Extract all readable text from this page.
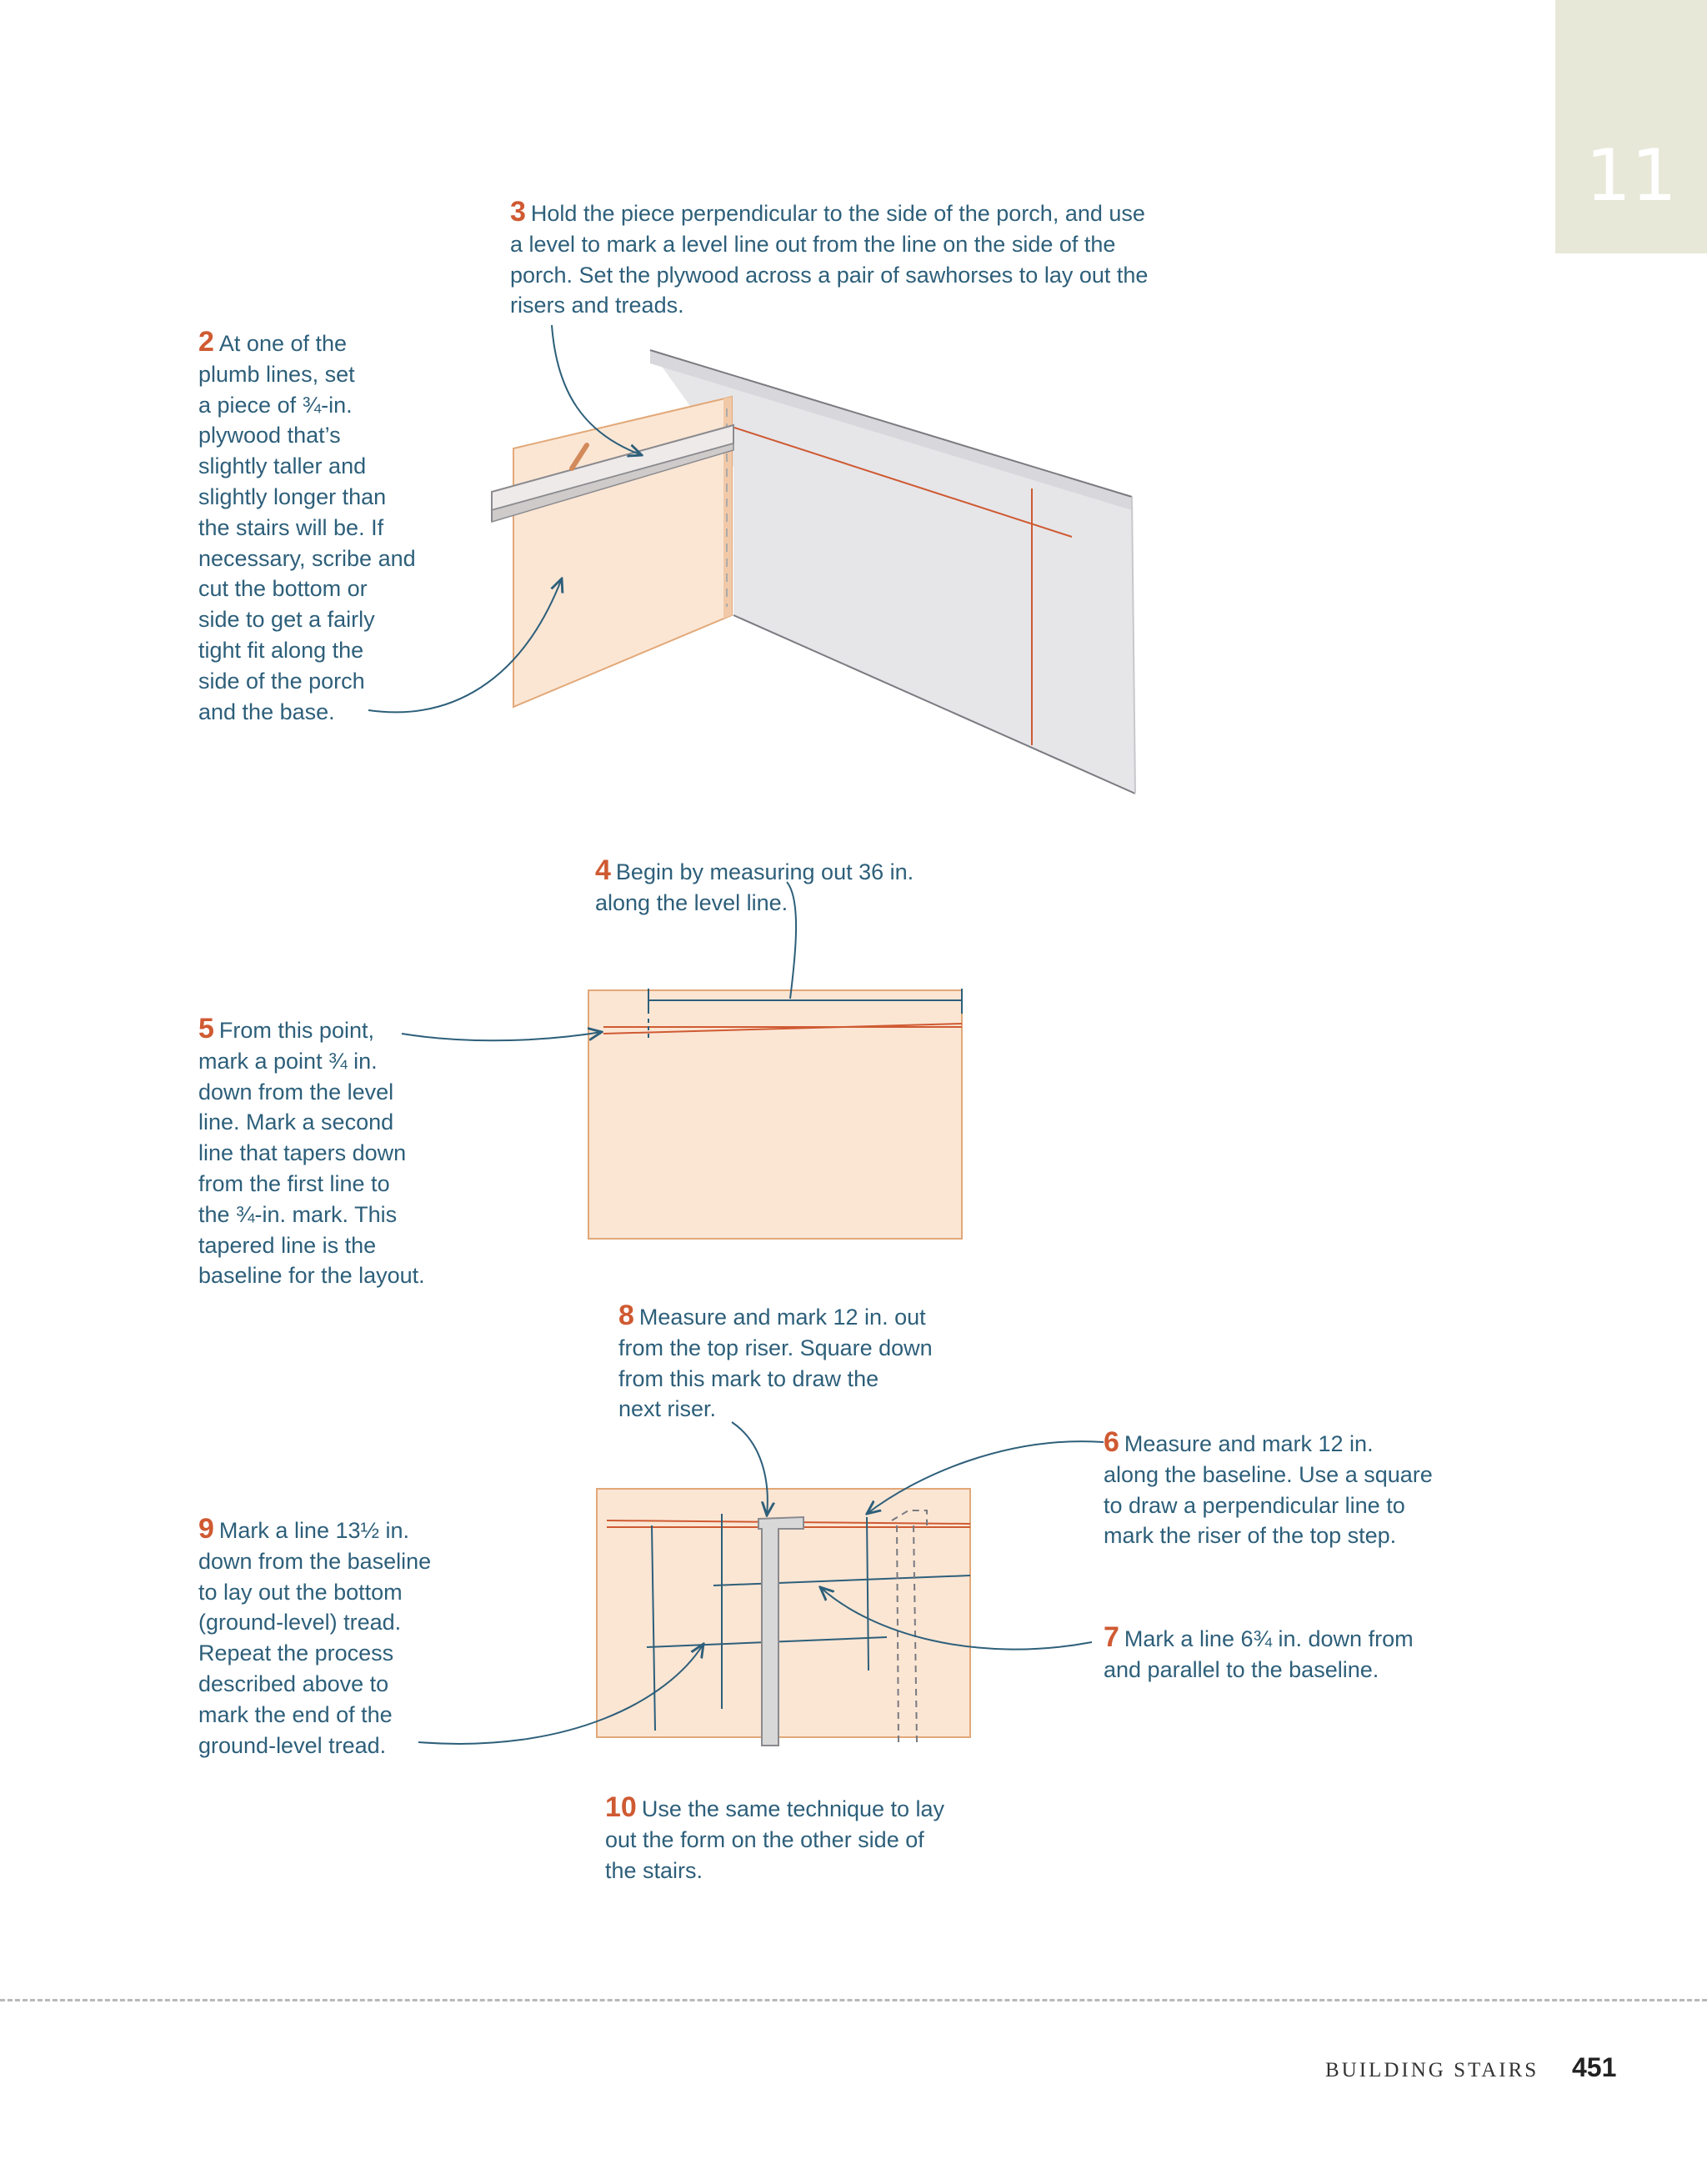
11
3 Hold the piece perpendicular to the side of the porch, and use
a level to mark a level line out from the line on the side of the
porch. Set the plywood across a pair of sawhorses to lay out the
risers and treads.
2 At one of the
plumb lines, set
a piece of ¾-in.
plywood that’s
slightly taller and
slightly longer than
the stairs will be. If
necessary, scribe and
cut the bottom or
side to get a fairly
tight fit along the
side of the porch
and the base.
4 Begin by measuring out 36 in.
along the level line.
5 From this point,
mark a point ¾ in.
down from the level
line. Mark a second
line that tapers down
from the first line to
the ¾-in. mark. This
tapered line is the
baseline for the layout.
8 Measure and mark 12 in. out
from the top riser. Square down
from this mark to draw the
next riser.
6 Measure and mark 12 in.
along the baseline. Use a square
to draw a perpendicular line to
mark the riser of the top step.
9 Mark a line 13½ in.
down from the baseline
to lay out the bottom
(ground-level) tread.
Repeat the process
described above to
mark the end of the
ground-level tread.
7 Mark a line 6¾ in. down from
and parallel to the baseline.
10 Use the same technique to lay
out the form on the other side of
the stairs.
BUILDING STAIRS 451
